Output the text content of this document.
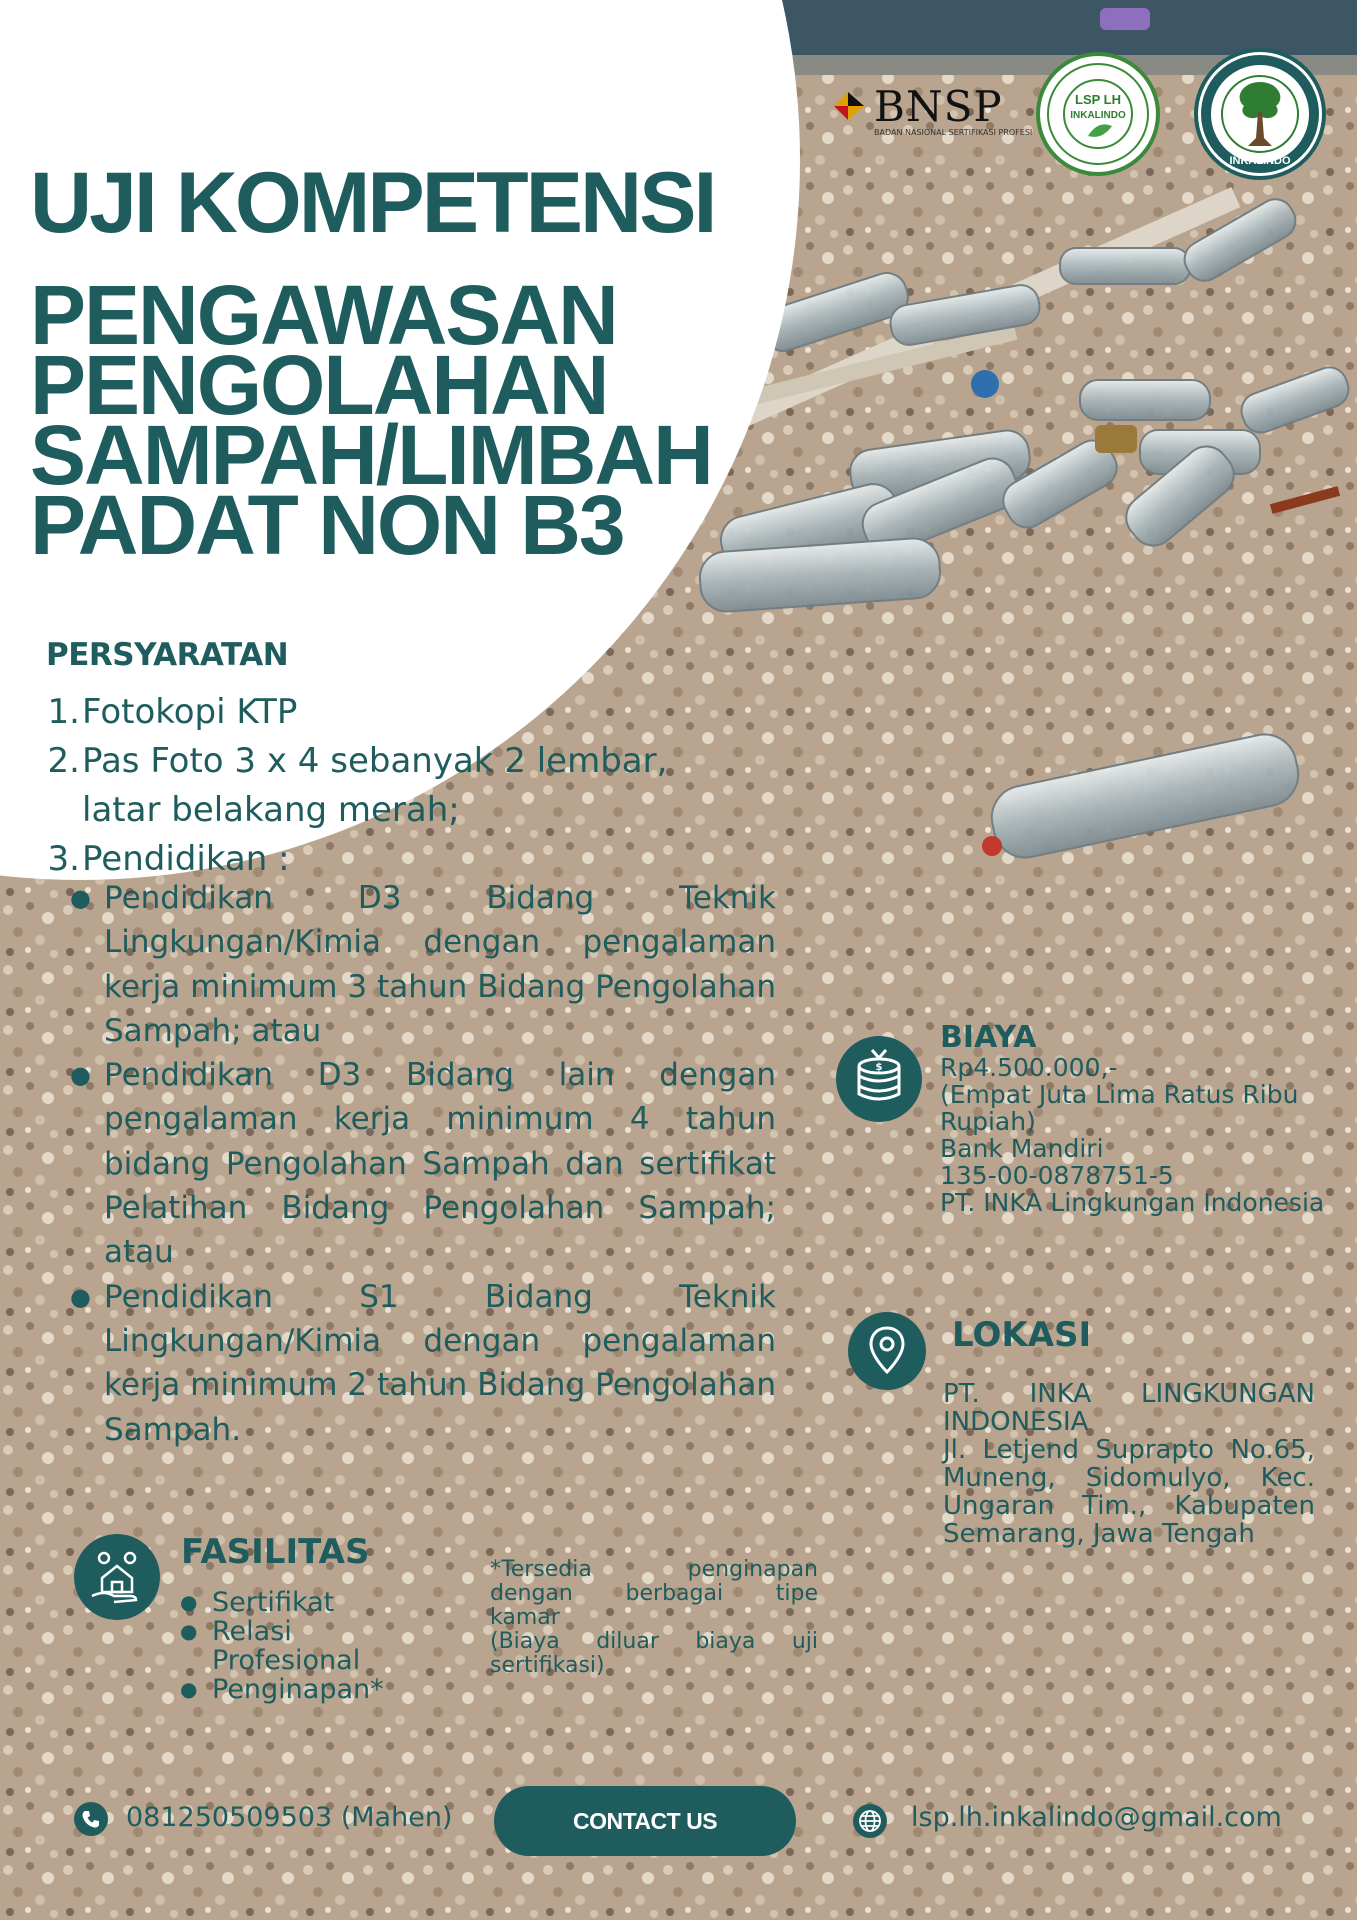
BNSP
BADAN NASIONAL SERTIFIKASI PROFESI
LSP LH
INKALINDO
INKALINDO
UJI KOMPETENSI
PENGAWASAN
PENGOLAHAN
SAMPAH/LIMBAH
PADAT NON B3
PERSYARATAN
1. Fotokopi KTP
2. Pas Foto 3 x 4 sebanyak 2 lembar,
latar belakang merah;
3. Pendidikan :
● Pendidikan D3 Bidang Teknik Lingkungan/Kimia dengan pengalaman kerja minimum 3 tahun Bidang Pengolahan Sampah; atau
● Pendidikan D3 Bidang lain dengan pengalaman kerja minimum 4 tahun bidang Pengolahan Sampah dan sertifikat Pelatihan Bidang Pengolahan Sampah; atau
● Pendidikan S1 Bidang Teknik Lingkungan/Kimia dengan pengalaman kerja minimum 2 tahun Bidang Pengolahan Sampah.
$
BIAYA
Rp4.500.000,-
(Empat Juta Lima Ratus Ribu
Rupiah)
Bank Mandiri
135-00-0878751-5
PT. INKA Lingkungan Indonesia
LOKASI
PT. INKA LINGKUNGAN
INDONESIA
Jl. Letjend Suprapto No.65,
Muneng, Sidomulyo, Kec.
Ungaran Tim., Kabupaten
Semarang, Jawa Tengah
FASILITAS
● Sertifikat
● Relasi Profesional
● Penginapan*
*Tersedia penginapan
dengan berbagai tipe
kamar
(Biaya diluar biaya uji
sertifikasi)
081250509503 (Mahen)	CONTACT US	lsp.lh.inkalindo@gmail.com
